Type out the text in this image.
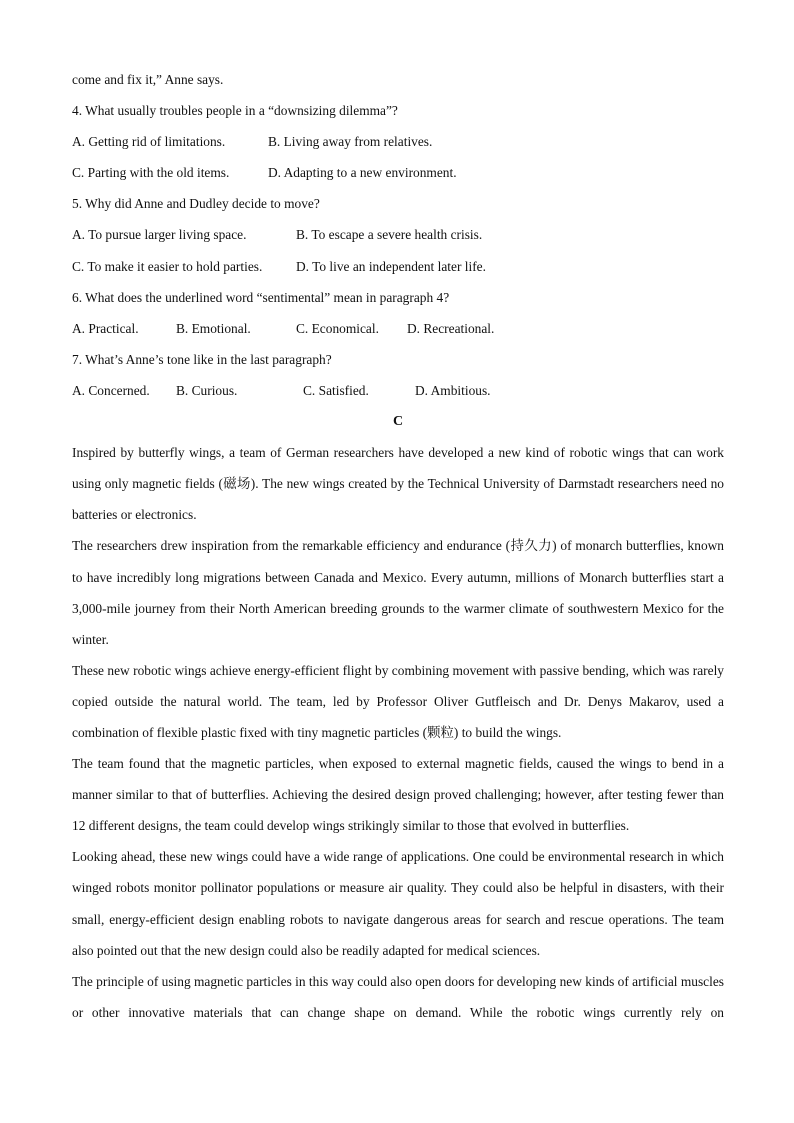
come and fix it,” Anne says.

4. What usually troubles people in a “downsizing dilemma”?

A. Getting rid of limitations.	B. Living away from relatives.
C. Parting with the old items.	D. Adapting to a new environment.

5. Why did Anne and Dudley decide to move?

A. To pursue larger living space.	B. To escape a severe health crisis.
C. To make it easier to hold parties.	D. To live an independent later life.

6. What does the underlined word “sentimental” mean in paragraph 4?

A. Practical.	B. Emotional.	C. Economical.	D. Recreational.

7. What’s Anne’s tone like in the last paragraph?

A. Concerned.	B. Curious.	C. Satisfied.	D. Ambitious.

C

Inspired by butterfly wings, a team of German researchers have developed a new kind of robotic wings that can work using only magnetic fields (磁场). The new wings created by the Technical University of Darmstadt researchers need no batteries or electronics.

The researchers drew inspiration from the remarkable efficiency and endurance (持久力) of monarch butterflies, known to have incredibly long migrations between Canada and Mexico. Every autumn, millions of Monarch butterflies start a 3,000-mile journey from their North American breeding grounds to the warmer climate of southwestern Mexico for the winter.

These new robotic wings achieve energy-efficient flight by combining movement with passive bending, which was rarely copied outside the natural world. The team, led by Professor Oliver Gutfleisch and Dr. Denys Makarov, used a combination of flexible plastic fixed with tiny magnetic particles (颗粒) to build the wings.

The team found that the magnetic particles, when exposed to external magnetic fields, caused the wings to bend in a manner similar to that of butterflies. Achieving the desired design proved challenging; however, after testing fewer than 12 different designs, the team could develop wings strikingly similar to those that evolved in butterflies.

Looking ahead, these new wings could have a wide range of applications. One could be environmental research in which winged robots monitor pollinator populations or measure air quality. They could also be helpful in disasters, with their small, energy-efficient design enabling robots to navigate dangerous areas for search and rescue operations. The team also pointed out that the new design could also be readily adapted for medical sciences.

The principle of using magnetic particles in this way could also open doors for developing new kinds of artificial muscles or other innovative materials that can change shape on demand. While the robotic wings currently rely on
